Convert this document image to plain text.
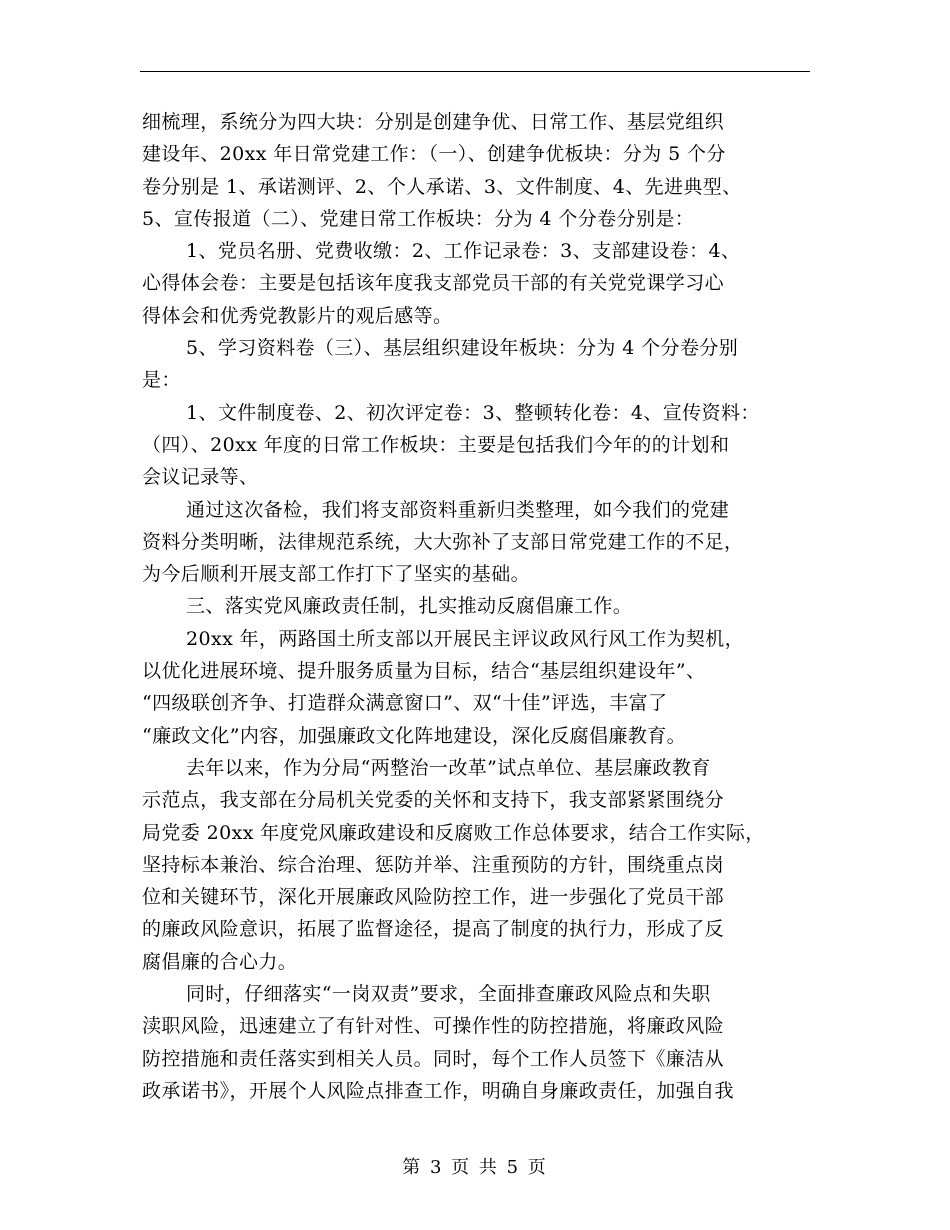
细梳理，系统分为四大块：分别是创建争优、日常工作、基层党组织
建设年、20xx 年日常党建工作：（一）、创建争优板块：分为 5 个分
卷分别是 1、承诺测评、2、个人承诺、3、文件制度、4、先进典型、
5、宣传报道（二）、党建日常工作板块：分为 4 个分卷分别是：
1、党员名册、党费收缴：2、工作记录卷：3、支部建设卷：4、
心得体会卷：主要是包括该年度我支部党员干部的有关党党课学习心
得体会和优秀党教影片的观后感等。
5、学习资料卷（三）、基层组织建设年板块：分为 4 个分卷分别
是：
1、文件制度卷、2、初次评定卷：3、整顿转化卷：4、宣传资料：
（四）、20xx 年度的日常工作板块：主要是包括我们今年的的计划和
会议记录等、
通过这次备检，我们将支部资料重新归类整理，如今我们的党建
资料分类明晰，法律规范系统，大大弥补了支部日常党建工作的不足，
为今后顺利开展支部工作打下了坚实的基础。
三、落实党风廉政责任制，扎实推动反腐倡廉工作。
20xx 年，两路国土所支部以开展民主评议政风行风工作为契机，
以优化进展环境、提升服务质量为目标，结合“基层组织建设年”、
“四级联创齐争、打造群众满意窗口”、双“十佳”评选，丰富了
“廉政文化”内容，加强廉政文化阵地建设，深化反腐倡廉教育。
去年以来，作为分局“两整治一改革”试点单位、基层廉政教育
示范点，我支部在分局机关党委的关怀和支持下，我支部紧紧围绕分
局党委 20xx 年度党风廉政建设和反腐败工作总体要求，结合工作实际，
坚持标本兼治、综合治理、惩防并举、注重预防的方针，围绕重点岗
位和关键环节，深化开展廉政风险防控工作，进一步强化了党员干部
的廉政风险意识，拓展了监督途径，提高了制度的执行力，形成了反
腐倡廉的合心力。
同时，仔细落实“一岗双责”要求，全面排查廉政风险点和失职
渎职风险，迅速建立了有针对性、可操作性的防控措施，将廉政风险
防控措施和责任落实到相关人员。同时，每个工作人员签下《廉洁从
政承诺书》，开展个人风险点排查工作，明确自身廉政责任，加强自我
第 3 页 共 5 页
